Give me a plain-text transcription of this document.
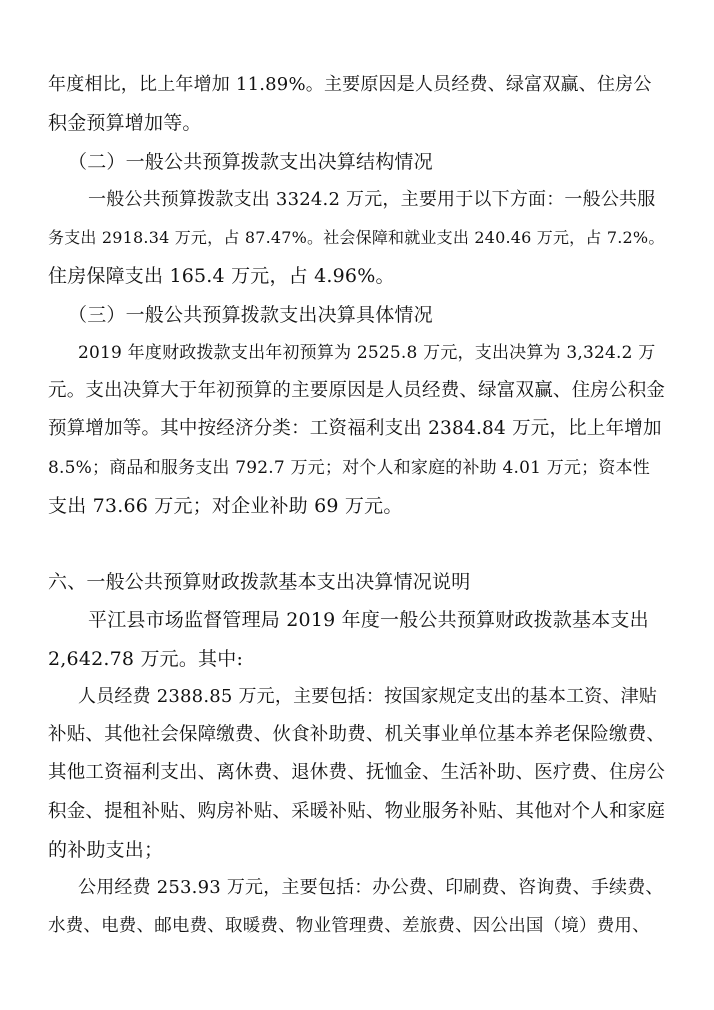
年度相比，比上年增加 11.89%。主要原因是人员经费、绿富双赢、住房公
积金预算增加等。
（二）一般公共预算拨款支出决算结构情况
一般公共预算拨款支出 3324.2 万元，主要用于以下方面：一般公共服
务支出 2918.34 万元，占 87.47%。社会保障和就业支出 240.46 万元，占 7.2%。
住房保障支出 165.4 万元，占 4.96%。
（三）一般公共预算拨款支出决算具体情况
2019 年度财政拨款支出年初预算为 2525.8 万元，支出决算为 3,324.2 万
元。支出决算大于年初预算的主要原因是人员经费、绿富双赢、住房公积金
预算增加等。其中按经济分类：工资福利支出 2384.84 万元，比上年增加
8.5%；商品和服务支出 792.7 万元；对个人和家庭的补助 4.01 万元；资本性
支出 73.66 万元；对企业补助 69 万元。
六、一般公共预算财政拨款基本支出决算情况说明
平江县市场监督管理局 2019 年度一般公共预算财政拨款基本支出
2,642.78 万元。其中:
人员经费 2388.85 万元，主要包括：按国家规定支出的基本工资、津贴
补贴、其他社会保障缴费、伙食补助费、机关事业单位基本养老保险缴费、
其他工资福利支出、离休费、退休费、抚恤金、生活补助、医疗费、住房公
积金、提租补贴、购房补贴、采暖补贴、物业服务补贴、其他对个人和家庭
的补助支出；
公用经费 253.93 万元，主要包括：办公费、印刷费、咨询费、手续费、
水费、电费、邮电费、取暖费、物业管理费、差旅费、因公出国（境）费用、
